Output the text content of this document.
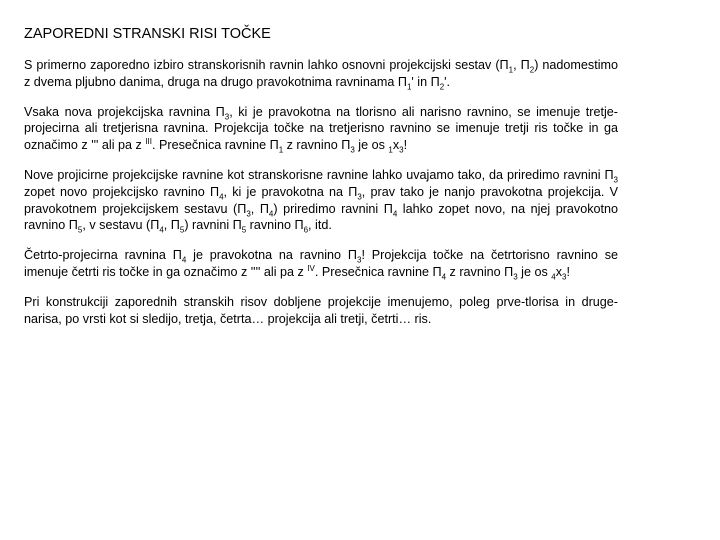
ZAPOREDNI STRANSKI RISI TOČKE

S primerno zaporedno izbiro stranskorisnih ravnin lahko osnovni projekcijski sestav ($\Pi_1$, $\Pi_2$) nadomestimo z dvema pljubno danima, druga na drugo pravokotnima ravninama $\Pi_1'$ in $\Pi_2'$.

Vsaka nova projekcijska ravnina $\Pi_3$, ki je pravokotna na tlorisno ali narisno ravnino, se imenuje tretje-projecirna ali tretjerisna ravnina. Projekcija točke na tretjerisno ravnino se imenuje tretji ris točke in ga označimo z ''' ali pa z $^{III}$. Presečnica ravnine $\Pi_1$ z ravnino $\Pi_3$ je os $_1x_3$!

Nove projicirne projekcijske ravnine kot stranskorisne ravnine lahko uvajamo tako, da priredimo ravnini $\Pi_3$ zopet novo projekcijsko ravnino $\Pi_4$, ki je pravokotna na $\Pi_3$, prav tako je nanjo pravokotna projekcija. V pravokotnem projekcijskem sestavu ($\Pi_3$, $\Pi_4$) priredimo ravnini $\Pi_4$ lahko zopet novo, na njej pravokotno ravnino $\Pi_5$, v sestavu ($\Pi_4$, $\Pi_5$) ravnini $\Pi_5$ ravnino $\Pi_6$, itd.

Četrto-projecirna ravnina $\Pi_4$ je pravokotna na ravnino $\Pi_3$! Projekcija točke na četrtorisno ravnino se imenuje četrti ris točke in ga označimo z '''' ali pa z $^{IV}$. Presečnica ravnine $\Pi_4$ z ravnino $\Pi_3$ je os $_4x_3$!

Pri konstrukciji zaporednih stranskih risov dobljene projekcije imenujemo, poleg prve-tlorisa in druge-narisa, po vrsti kot si sledijo, tretja, četrta… projekcija ali tretji, četrti… ris.
